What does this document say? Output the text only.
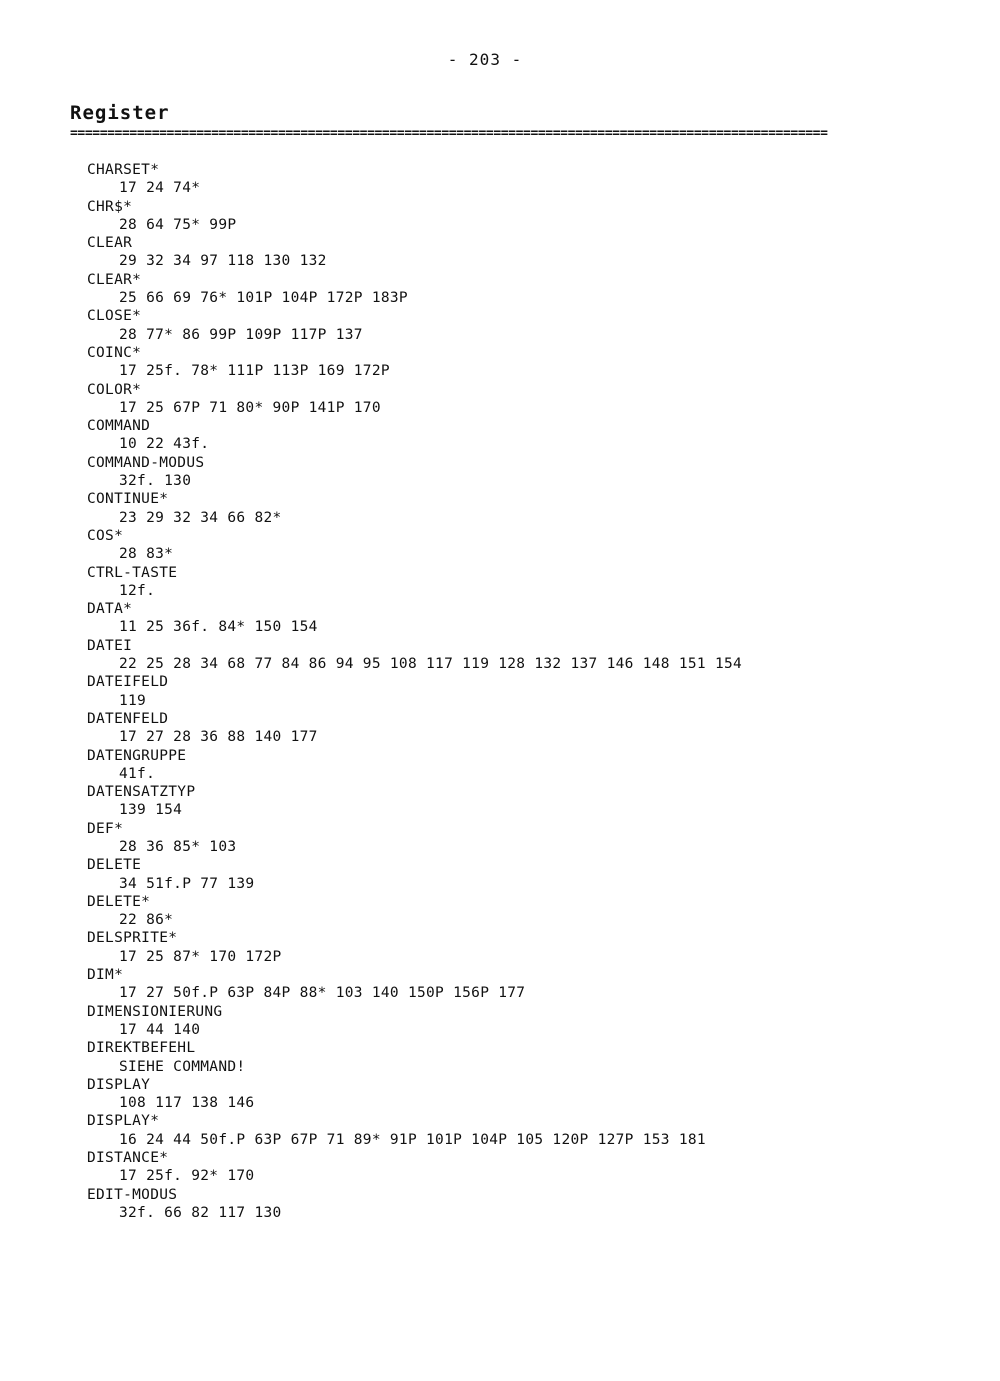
- 203 -
Register
======================================================================================================
CHARSET*
17 24 74*
CHR$*
28 64 75* 99P
CLEAR
29 32 34 97 118 130 132
CLEAR*
25 66 69 76* 101P 104P 172P 183P
CLOSE*
28 77* 86 99P 109P 117P 137
COINC*
17 25f. 78* 111P 113P 169 172P
COLOR*
17 25 67P 71 80* 90P 141P 170
COMMAND
10 22 43f.
COMMAND-MODUS
32f. 130
CONTINUE*
23 29 32 34 66 82*
COS*
28 83*
CTRL-TASTE
12f.
DATA*
11 25 36f. 84* 150 154
DATEI
22 25 28 34 68 77 84 86 94 95 108 117 119 128 132 137 146 148 151 154
DATEIFELD
119
DATENFELD
17 27 28 36 88 140 177
DATENGRUPPE
41f.
DATENSATZTYP
139 154
DEF*
28 36 85* 103
DELETE
34 51f.P 77 139
DELETE*
22 86*
DELSPRITE*
17 25 87* 170 172P
DIM*
17 27 50f.P 63P 84P 88* 103 140 150P 156P 177
DIMENSIONIERUNG
17 44 140
DIREKTBEFEHL
SIEHE COMMAND!
DISPLAY
108 117 138 146
DISPLAY*
16 24 44 50f.P 63P 67P 71 89* 91P 101P 104P 105 120P 127P 153 181
DISTANCE*
17 25f. 92* 170
EDIT-MODUS
32f. 66 82 117 130
